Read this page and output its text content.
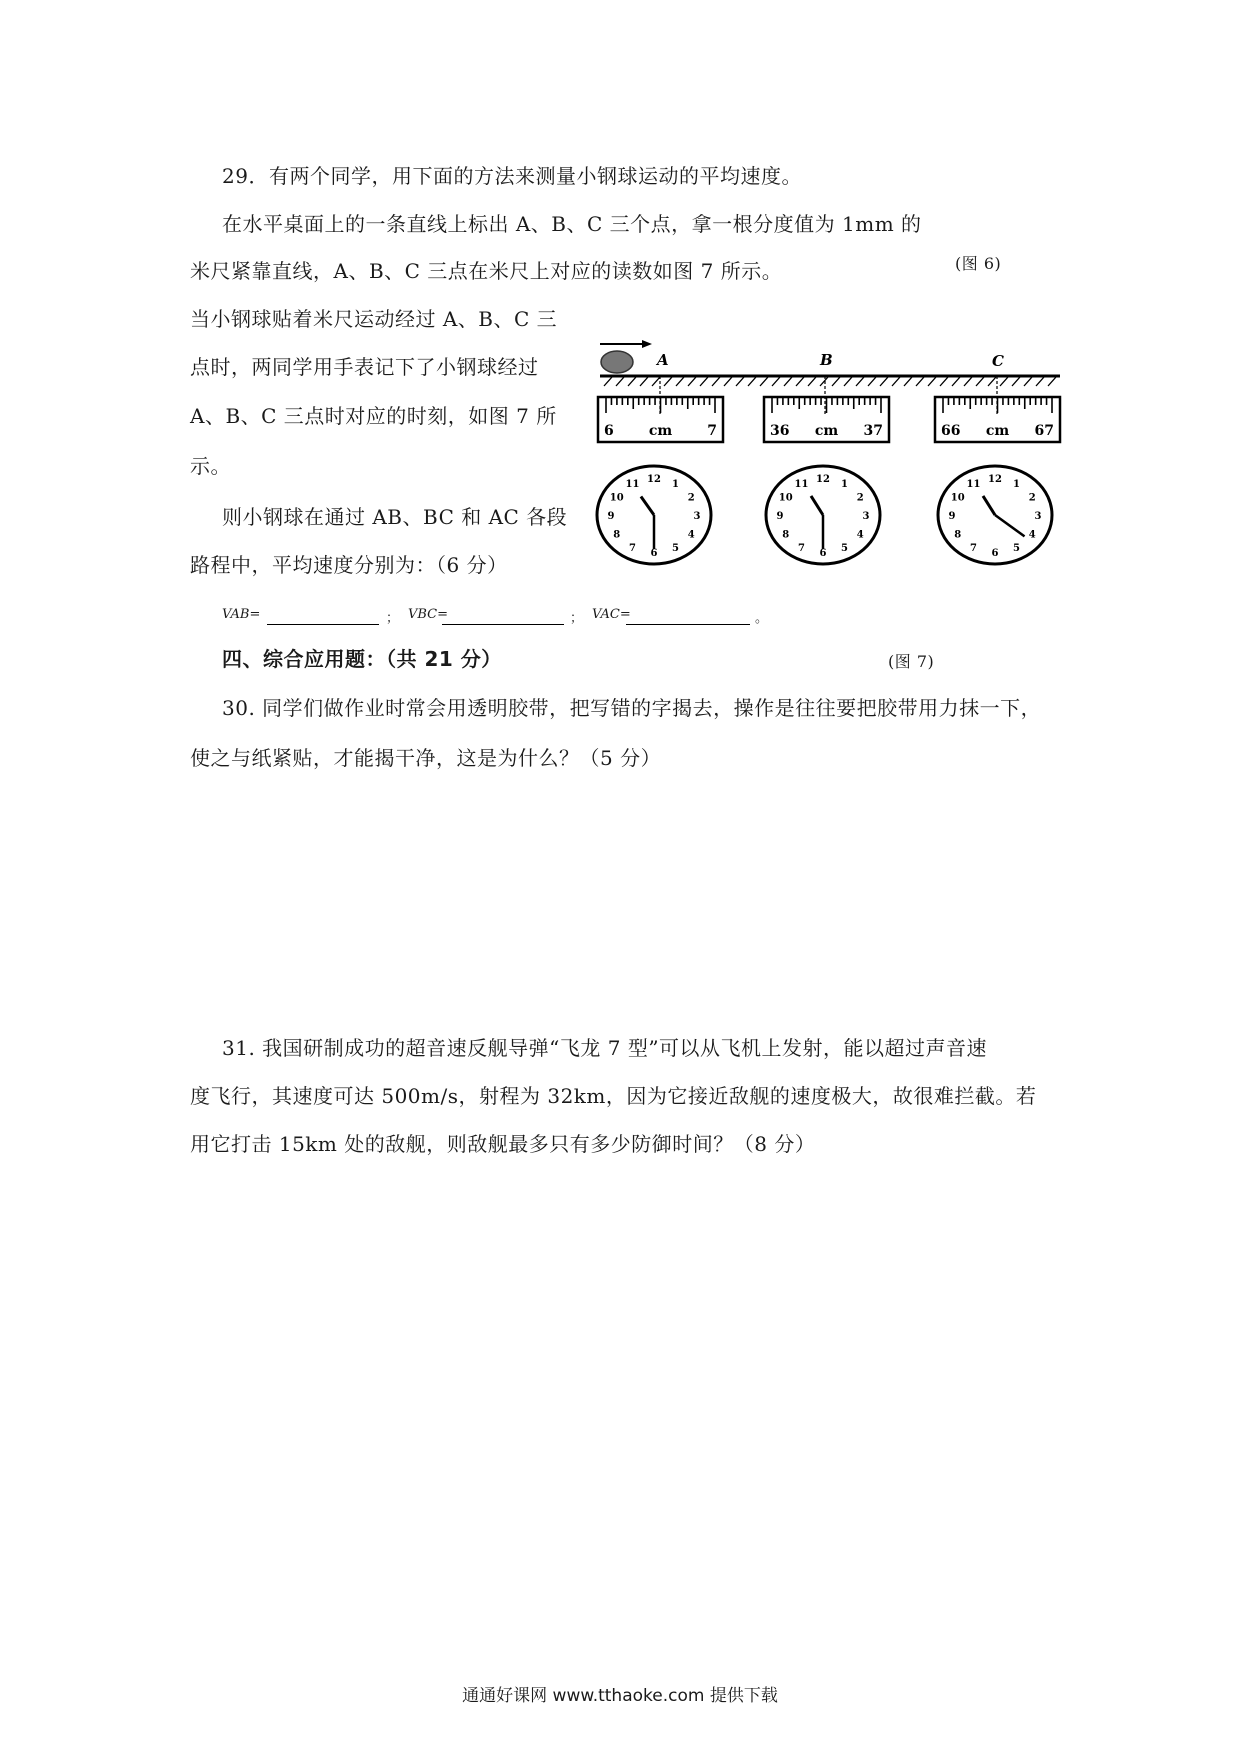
29．有两个同学，用下面的方法来测量小钢球运动的平均速度。
在水平桌面上的一条直线上标出 A、B、C 三个点，拿一根分度值为 1mm 的
米尺紧靠直线，A、B、C 三点在米尺上对应的读数如图 7 所示。	(图 6)
当小钢球贴着米尺运动经过 A、B、C 三
点时，两同学用手表记下了小钢球经过
A、B、C 三点时对应的时刻，如图 7 所
示。
则小钢球在通过 AB、BC 和 AC 各段
路程中，平均速度分别为：（6 分）
VAB=	； VBC=	； VAC=	。
A	B	C
6	cm	7	36 cm 37	66 cm 67
12 1
2
3
4
5
6
7
8
9
10
11	12 1
2
3
4
5
6
7
8
9
10
11	12 1
2
3
4
5
6
7
8
9
10
11
四、综合应用题：（共 21 分）	(图 7)
30. 同学们做作业时常会用透明胶带，把写错的字揭去，操作是往往要把胶带用力抹一下，
使之与纸紧贴，才能揭干净，这是为什么？（5 分）
31. 我国研制成功的超音速反舰导弹“飞龙 7 型”可以从飞机上发射，能以超过声音速
度飞行，其速度可达 500m/s，射程为 32km，因为它接近敌舰的速度极大，故很难拦截。若
用它打击 15km 处的敌舰，则敌舰最多只有多少防御时间？（8 分）
通通好课网 www.tthaoke.com 提供下载
